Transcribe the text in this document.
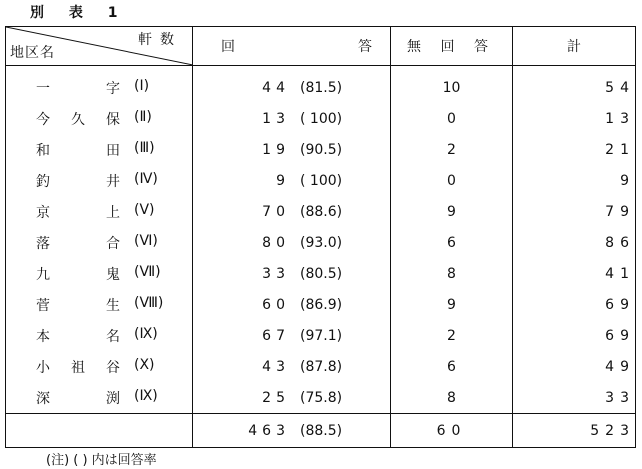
別 表 1
軒数
地区名	回 答	無 回 答	計

一 字 (Ⅰ)	44 (81.5)	10	54

今 久 保 (Ⅱ)	13 ( 100)	0	13

和 田 (Ⅲ)	19 (90.5)	2	21

釣 井 (Ⅳ)	9 ( 100)	0	9

京 上 (Ⅴ)	70 (88.6)	9	79

落 合 (Ⅵ)	80 (93.0)	6	86

九 鬼 (Ⅶ)	33 (80.5)	8	41

菅 生 (Ⅷ)	60 (86.9)	9	69

本 名 (Ⅸ)	67 (97.1)	2	69

小 祖 谷 (Ⅹ)	43 (87.8)	6	49

深 渕 (Ⅸ)	25 (75.8)	8	33

	463 (88.5)	60	523
(注) ( ) 内は回答率
